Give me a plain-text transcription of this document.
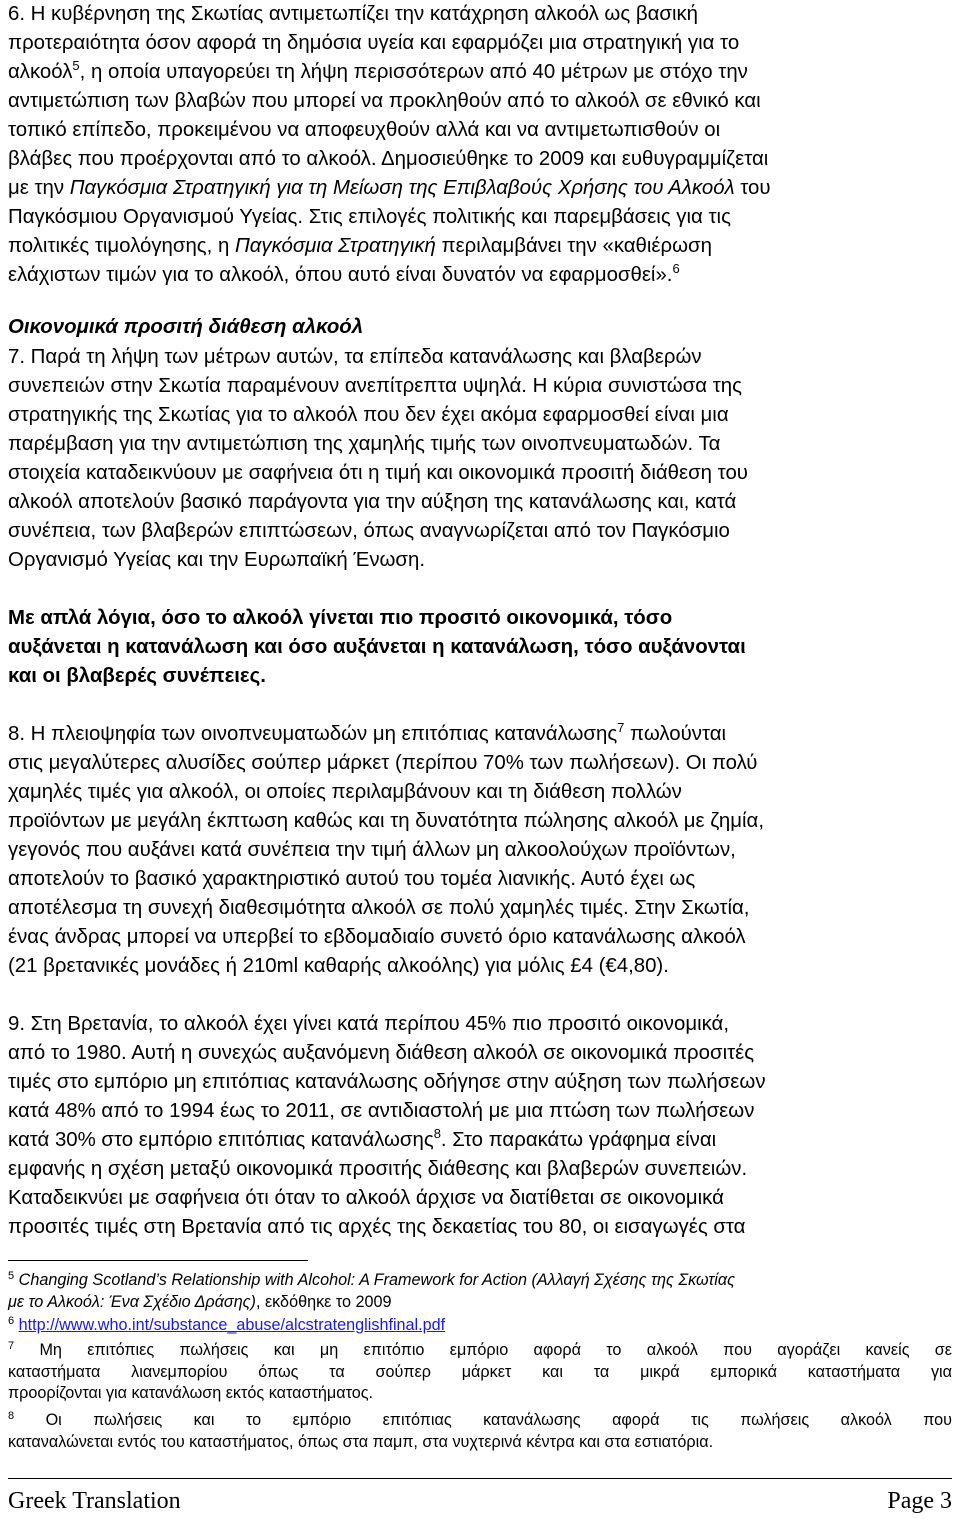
6. Η κυβέρνηση της Σκωτίας αντιμετωπίζει την κατάχρηση αλκοόλ ως βασική
προτεραιότητα όσον αφορά τη δημόσια υγεία και εφαρμόζει μια στρατηγική για το
αλκοόλ$^5$, η οποία υπαγορεύει τη λήψη περισσότερων από 40 μέτρων με στόχο την
αντιμετώπιση των βλαβών που μπορεί να προκληθούν από το αλκοόλ σε εθνικό και
τοπικό επίπεδο, προκειμένου να αποφευχθούν αλλά και να αντιμετωπισθούν οι
βλάβες που προέρχονται από το αλκοόλ. Δημοσιεύθηκε το 2009 και ευθυγραμμίζεται
με την Παγκόσμια Στρατηγική για τη Μείωση της Επιβλαβούς Χρήσης του Αλκοόλ του
Παγκόσμιου Οργανισμού Υγείας. Στις επιλογές πολιτικής και παρεμβάσεις για τις
πολιτικές τιμολόγησης, η Παγκόσμια Στρατηγική περιλαμβάνει την «καθιέρωση
ελάχιστων τιμών για το αλκοόλ, όπου αυτό είναι δυνατόν να εφαρμοσθεί».$^6$
Οικονομικά προσιτή διάθεση αλκοόλ
7. Παρά τη λήψη των μέτρων αυτών, τα επίπεδα κατανάλωσης και βλαβερών
συνεπειών στην Σκωτία παραμένουν ανεπίτρεπτα υψηλά. Η κύρια συνιστώσα της
στρατηγικής της Σκωτίας για το αλκοόλ που δεν έχει ακόμα εφαρμοσθεί είναι μια
παρέμβαση για την αντιμετώπιση της χαμηλής τιμής των οινοπνευματωδών. Τα
στοιχεία καταδεικνύουν με σαφήνεια ότι η τιμή και οικονομικά προσιτή διάθεση του
αλκοόλ αποτελούν βασικό παράγοντα για την αύξηση της κατανάλωσης και, κατά
συνέπεια, των βλαβερών επιπτώσεων, όπως αναγνωρίζεται από τον Παγκόσμιο
Οργανισμό Υγείας και την Ευρωπαϊκή Ένωση.
Με απλά λόγια, όσο το αλκοόλ γίνεται πιο προσιτό οικονομικά, τόσο
αυξάνεται η κατανάλωση και όσο αυξάνεται η κατανάλωση, τόσο αυξάνονται
και οι βλαβερές συνέπειες.
8. Η πλειοψηφία των οινοπνευματωδών μη επιτόπιας κατανάλωσης$^7$ πωλούνται
στις μεγαλύτερες αλυσίδες σούπερ μάρκετ (περίπου 70% των πωλήσεων). Οι πολύ
χαμηλές τιμές για αλκοόλ, οι οποίες περιλαμβάνουν και τη διάθεση πολλών
προϊόντων με μεγάλη έκπτωση καθώς και τη δυνατότητα πώλησης αλκοόλ με ζημία,
γεγονός που αυξάνει κατά συνέπεια την τιμή άλλων μη αλκοολούχων προϊόντων,
αποτελούν το βασικό χαρακτηριστικό αυτού του τομέα λιανικής. Αυτό έχει ως
αποτέλεσμα τη συνεχή διαθεσιμότητα αλκοόλ σε πολύ χαμηλές τιμές. Στην Σκωτία,
ένας άνδρας μπορεί να υπερβεί το εβδομαδιαίο συνετό όριο κατανάλωσης αλκοόλ
(21 βρετανικές μονάδες ή 210ml καθαρής αλκοόλης) για μόλις £4 (€4,80).
9. Στη Βρετανία, το αλκοόλ έχει γίνει κατά περίπου 45% πιο προσιτό οικονομικά,
από το 1980. Αυτή η συνεχώς αυξανόμενη διάθεση αλκοόλ σε οικονομικά προσιτές
τιμές στο εμπόριο μη επιτόπιας κατανάλωσης οδήγησε στην αύξηση των πωλήσεων
κατά 48% από το 1994 έως το 2011, σε αντιδιαστολή με μια πτώση των πωλήσεων
κατά 30% στο εμπόριο επιτόπιας κατανάλωσης$^8$. Στο παρακάτω γράφημα είναι
εμφανής η σχέση μεταξύ οικονομικά προσιτής διάθεσης και βλαβερών συνεπειών.
Καταδεικνύει με σαφήνεια ότι όταν το αλκοόλ άρχισε να διατίθεται σε οικονομικά
προσιτές τιμές στη Βρετανία από τις αρχές της δεκαετίας του 80, οι εισαγωγές στα
$^5$ Changing Scotland’s Relationship with Alcohol: A Framework for Action (Αλλαγή Σχέσης της Σκωτίας
με το Αλκοόλ: Ένα Σχέδιο Δράσης), εκδόθηκε το 2009
$^6$ http://www.who.int/substance_abuse/alcstratenglishfinal.pdf
$^7$ Μη επιτόπιες πωλήσεις και μη επιτόπιο εμπόριο αφορά το αλκοόλ που αγοράζει κανείς σε
καταστήματα λιανεμπορίου όπως τα σούπερ μάρκετ και τα μικρά εμπορικά καταστήματα για
προορίζονται για κατανάλωση εκτός καταστήματος.
$^8$ Οι πωλήσεις και το εμπόριο επιτόπιας κατανάλωσης αφορά τις πωλήσεις αλκοόλ που
καταναλώνεται εντός του καταστήματος, όπως στα παμπ, στα νυχτερινά κέντρα και στα εστιατόρια.
Greek Translation	Page 3
